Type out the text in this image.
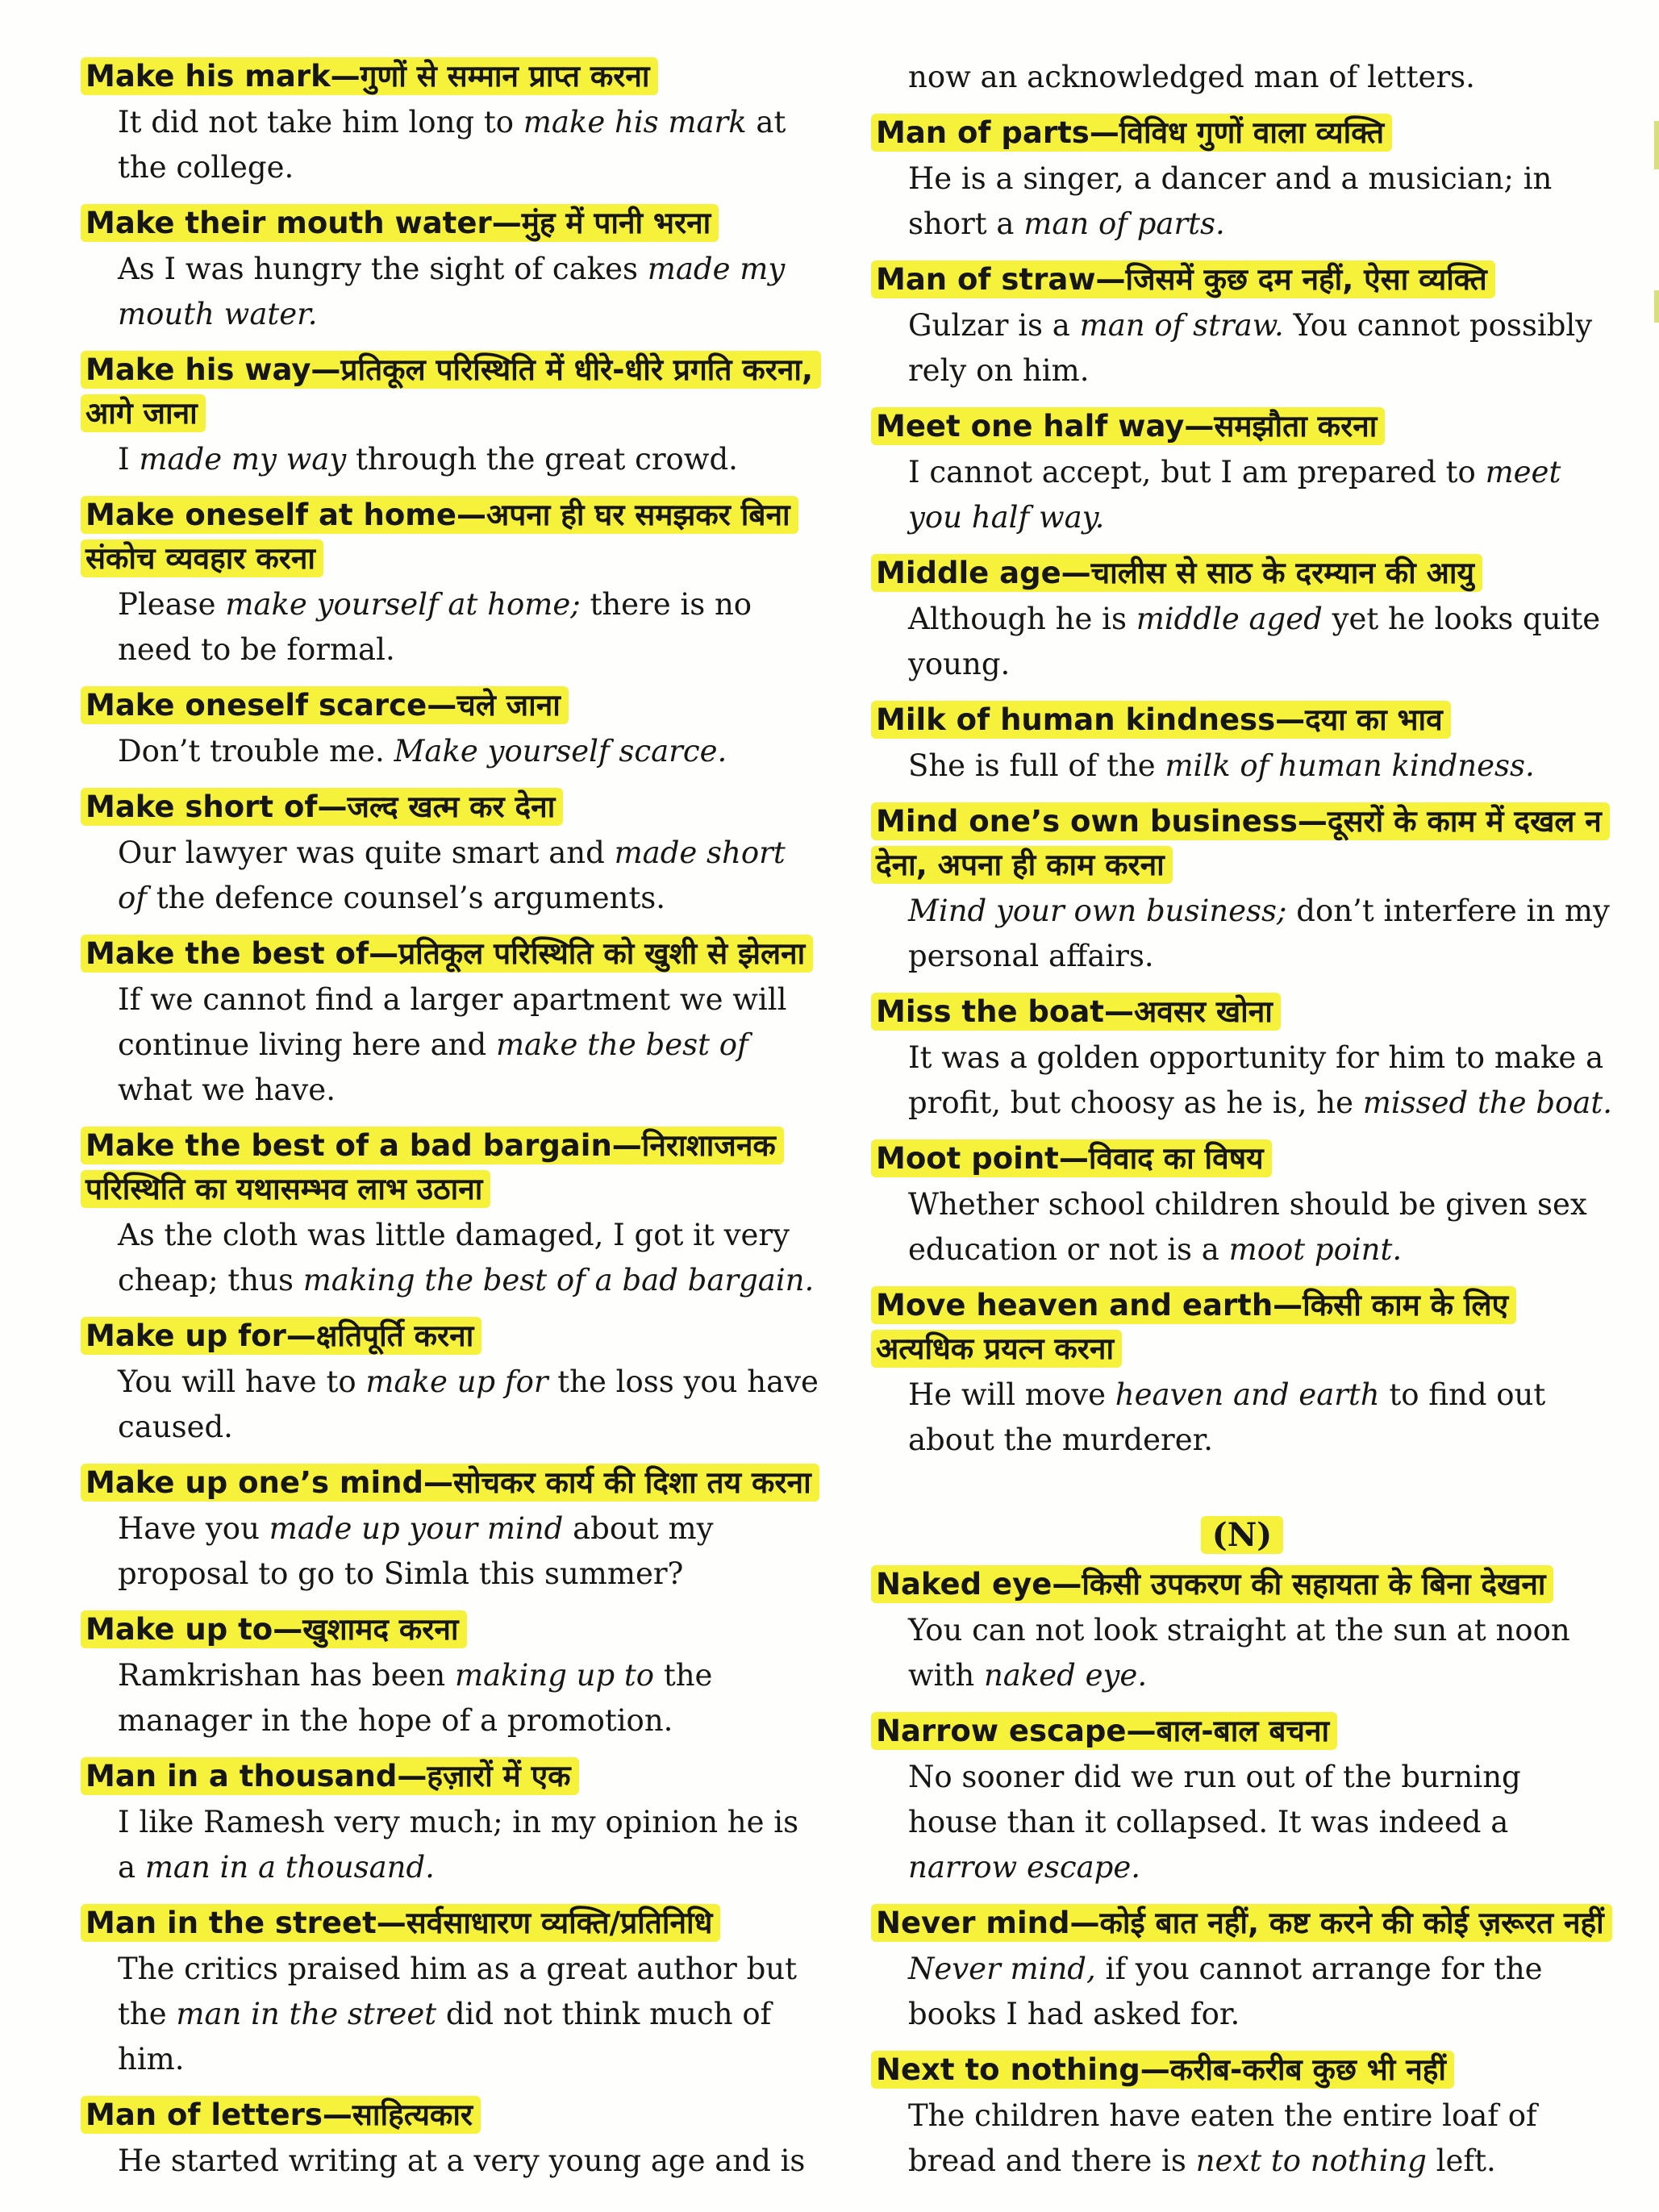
Make his mark—गुणों से सम्मान प्राप्त करना
It did not take him long to make his mark at the college.
Make their mouth water—मुंह में पानी भरना
As I was hungry the sight of cakes made my mouth water.
Make his way—प्रतिकूल परिस्थिति में धीरे-धीरे प्रगति करना, आगे जाना
I made my way through the great crowd.
Make oneself at home—अपना ही घर समझकर बिना संकोच व्यवहार करना
Please make yourself at home; there is no need to be formal.
Make oneself scarce—चले जाना
Don’t trouble me. Make yourself scarce.
Make short of—जल्द खत्म कर देना
Our lawyer was quite smart and made short of the defence counsel’s arguments.
Make the best of—प्रतिकूल परिस्थिति को खुशी से झेलना
If we cannot find a larger apartment we will continue living here and make the best of what we have.
Make the best of a bad bargain—निराशाजनक परिस्थिति का यथासम्भव लाभ उठाना
As the cloth was little damaged, I got it very cheap; thus making the best of a bad bargain.
Make up for—क्षतिपूर्ति करना
You will have to make up for the loss you have caused.
Make up one’s mind—सोचकर कार्य की दिशा तय करना
Have you made up your mind about my proposal to go to Simla this summer?
Make up to—खुशामद करना
Ramkrishan has been making up to the manager in the hope of a promotion.
Man in a thousand—हज़ारों में एक
I like Ramesh very much; in my opinion he is a man in a thousand.
Man in the street—सर्वसाधारण व्यक्ति/प्रतिनिधि
The critics praised him as a great author but the man in the street did not think much of him.
Man of letters—साहित्यकार
He started writing at a very young age and is
now an acknowledged man of letters.
Man of parts—विविध गुणों वाला व्यक्ति
He is a singer, a dancer and a musician; in short a man of parts.
Man of straw—जिसमें कुछ दम नहीं, ऐसा व्यक्ति
Gulzar is a man of straw. You cannot possibly rely on him.
Meet one half way—समझौता करना
I cannot accept, but I am prepared to meet you half way.
Middle age—चालीस से साठ के दरम्यान की आयु
Although he is middle aged yet he looks quite young.
Milk of human kindness—दया का भाव
She is full of the milk of human kindness.
Mind one’s own business—दूसरों के काम में दखल न देना, अपना ही काम करना
Mind your own business; don’t interfere in my personal affairs.
Miss the boat—अवसर खोना
It was a golden opportunity for him to make a profit, but choosy as he is, he missed the boat.
Moot point—विवाद का विषय
Whether school children should be given sex education or not is a moot point.
Move heaven and earth—किसी काम के लिए अत्यधिक प्रयत्न करना
He will move heaven and earth to find out about the murderer.
(N)
Naked eye—किसी उपकरण की सहायता के बिना देखना
You can not look straight at the sun at noon with naked eye.
Narrow escape—बाल-बाल बचना
No sooner did we run out of the burning house than it collapsed. It was indeed a narrow escape.
Never mind—कोई बात नहीं, कष्ट करने की कोई ज़रूरत नहीं
Never mind, if you cannot arrange for the books I had asked for.
Next to nothing—करीब-करीब कुछ भी नहीं
The children have eaten the entire loaf of bread and there is next to nothing left.
